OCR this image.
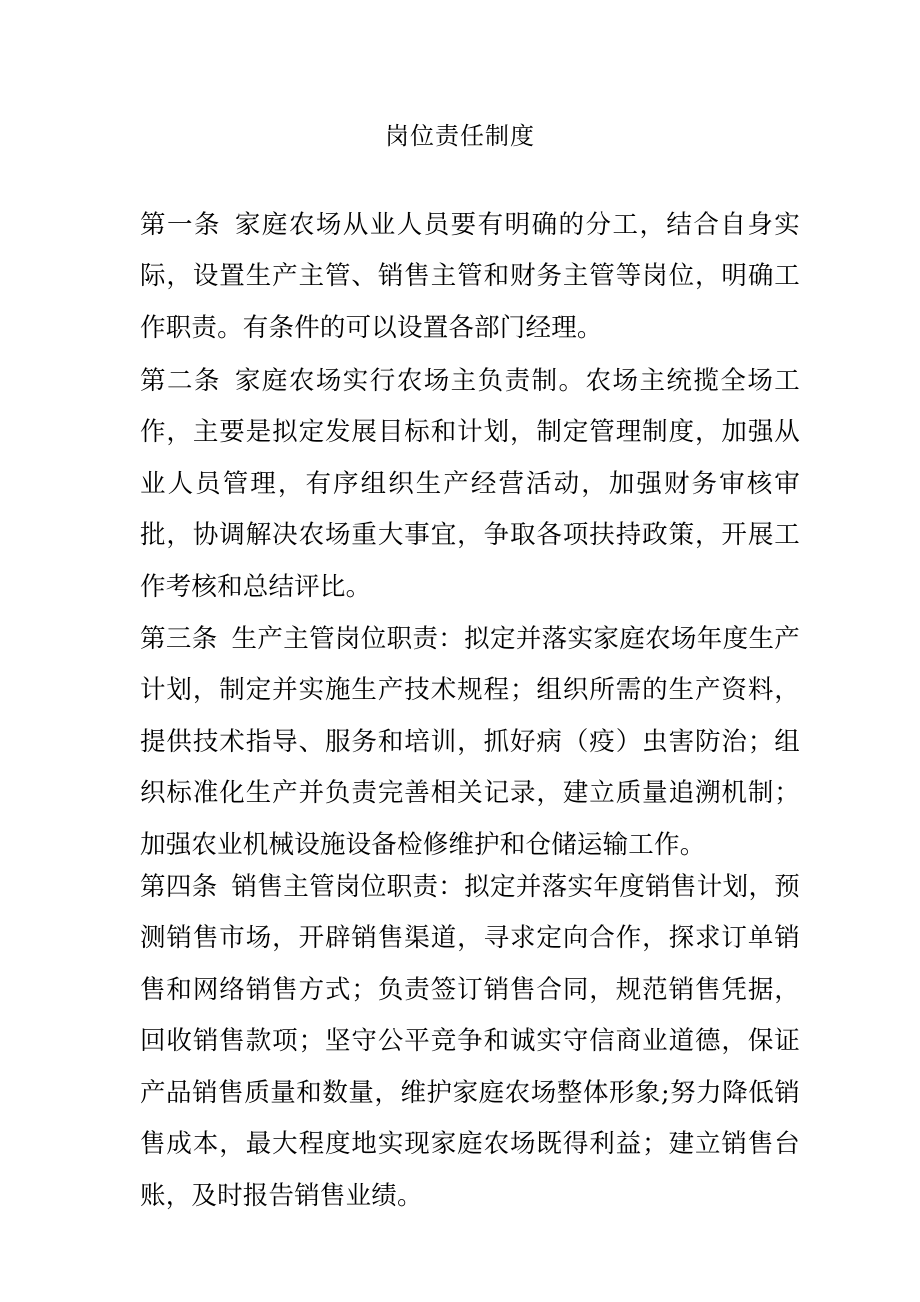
岗位责任制度

第一条 家庭农场从业人员要有明确的分工，结合自身实际，设置生产主管、销售主管和财务主管等岗位，明确工作职责。有条件的可以设置各部门经理。

第二条 家庭农场实行农场主负责制。农场主统揽全场工作，主要是拟定发展目标和计划，制定管理制度，加强从业人员管理，有序组织生产经营活动，加强财务审核审批，协调解决农场重大事宜，争取各项扶持政策，开展工作考核和总结评比。

第三条 生产主管岗位职责：拟定并落实家庭农场年度生产计划，制定并实施生产技术规程；组织所需的生产资料，提供技术指导、服务和培训，抓好病（疫）虫害防治；组织标准化生产并负责完善相关记录，建立质量追溯机制；加强农业机械设施设备检修维护和仓储运输工作。

第四条 销售主管岗位职责：拟定并落实年度销售计划，预测销售市场，开辟销售渠道，寻求定向合作，探求订单销售和网络销售方式；负责签订销售合同，规范销售凭据，回收销售款项；坚守公平竞争和诚实守信商业道德，保证产品销售质量和数量，维护家庭农场整体形象;努力降低销售成本，最大程度地实现家庭农场既得利益；建立销售台账，及时报告销售业绩。
